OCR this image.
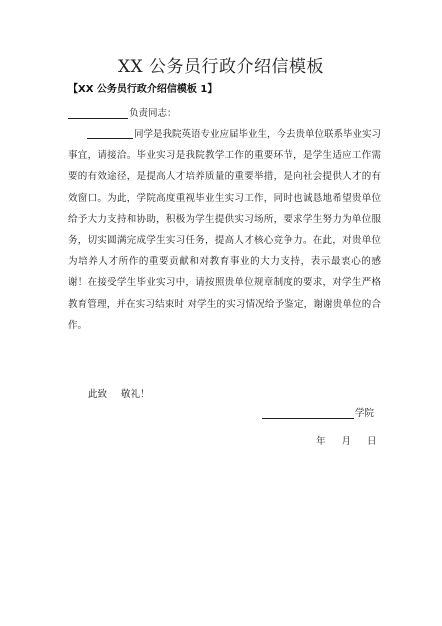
XX 公务员行政介绍信模板
【XX 公务员行政介绍信模板 1】
负责同志：

同学是我院英语专业应届毕业生，今去贵单位联系毕业实习事宜，请接洽。毕业实习是我院教学工作的重要环节，是学生适应工作需要的有效途径，是提高人才培养质量的重要举措，是向社会提供人才的有效窗口。为此，学院高度重视毕业生实习工作，同时也诚恳地希望贵单位给予大力支持和协助，积极为学生提供实习场所，要求学生努力为单位服务，切实圆满完成学生实习任务，提高人才核心竞争力。在此，对贵单位为培养人才所作的重要贡献和对教育事业的大力支持，表示最衷心的感谢！在接受学生毕业实习中，请按照贵单位规章制度的要求，对学生严格教育管理，并在实习结束时 对学生的实习情况给予鉴定，谢谢贵单位的合作。

此致 敬礼！
学院
年 月 日
